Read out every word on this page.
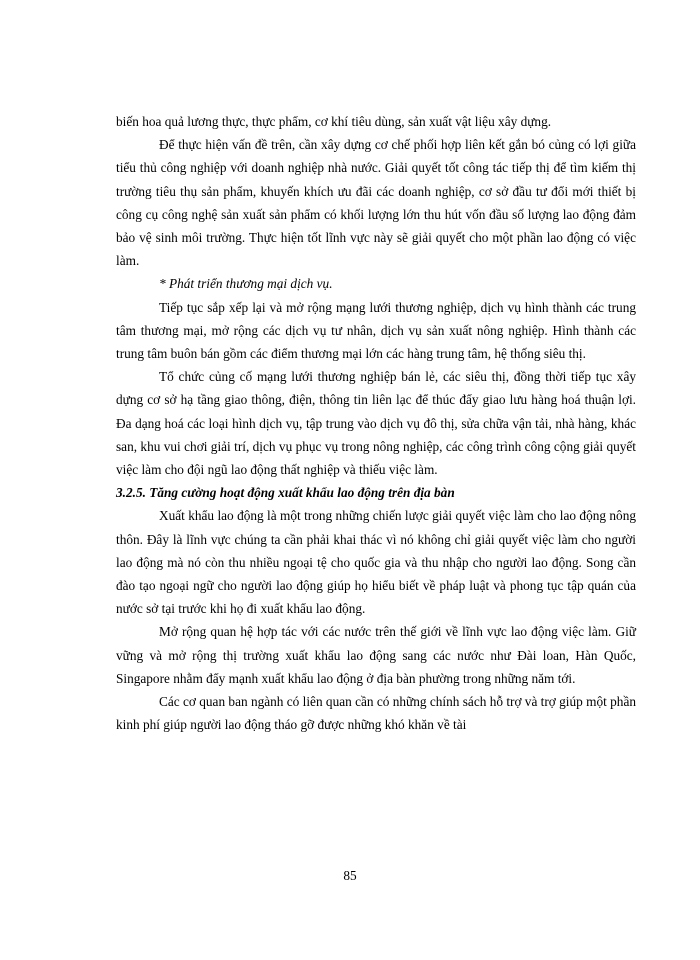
biến hoa quả lương thực, thực phẩm, cơ khí tiêu dùng, sản xuất vật liệu xây dựng.

Để thực hiện vấn đề trên, cần xây dựng cơ chế phối hợp liên kết gắn bó củng có lợi giữa tiểu thủ công nghiệp với doanh nghiệp nhà nước. Giải quyết tốt công tác tiếp thị để tìm kiếm thị trường tiêu thụ sản phẩm, khuyến khích ưu đãi các doanh nghiệp, cơ sở đầu tư đổi mới thiết bị công cụ công nghệ sản xuất sản phẩm có khối lượng lớn thu hút vốn đầu số lượng lao động đảm bảo vệ sinh môi trường. Thực hiện tốt lĩnh vực này sẽ giải quyết cho một phần lao động có việc làm.

* Phát triển thương mại dịch vụ.

Tiếp tục sắp xếp lại và mở rộng mạng lưới thương nghiệp, dịch vụ hình thành các trung tâm thương mại, mở rộng các dịch vụ tư nhân, dịch vụ sản xuất nông nghiệp. Hình thành các trung tâm buôn bán gồm các điểm thương mại lớn các hàng trung tâm, hệ thống siêu thị.

Tổ chức củng cố mạng lưới thương nghiệp bán lẻ, các siêu thị, đồng thời tiếp tục xây dựng cơ sở hạ tầng giao thông, điện, thông tin liên lạc để thúc đẩy giao lưu hàng hoá thuận lợi. Đa dạng hoá các loại hình dịch vụ, tập trung vào dịch vụ đô thị, sửa chữa vận tải, nhà hàng, khác san, khu vui chơi giải trí, dịch vụ phục vụ trong nông nghiệp, các công trình công cộng giải quyết việc làm cho đội ngũ lao động thất nghiệp và thiếu việc làm.

3.2.5. Tăng cường hoạt động xuất khẩu lao động trên địa bàn

Xuất khẩu lao động là một trong những chiến lược giải quyết việc làm cho lao động nông thôn. Đây là lĩnh vực chúng ta cần phải khai thác vì nó không chỉ giải quyết việc làm cho người lao động mà nó còn thu nhiều ngoại tệ cho quốc gia và thu nhập cho người lao động. Song cần đào tạo ngoại ngữ cho người lao động giúp họ hiểu biết về pháp luật và phong tục tập quán của nước sở tại trước khi họ đi xuất khẩu lao động.

Mở rộng quan hệ hợp tác với các nước trên thế giới về lĩnh vực lao động việc làm. Giữ vững và mở rộng thị trường xuất khẩu lao động sang các nước như Đài loan, Hàn Quốc, Singapore nhằm đẩy mạnh xuất khẩu lao động ở địa bàn phường trong những năm tới.

Các cơ quan ban ngành có liên quan cần có những chính sách hỗ trợ và trợ giúp một phần kinh phí giúp người lao động tháo gỡ được những khó khăn về tài

85
